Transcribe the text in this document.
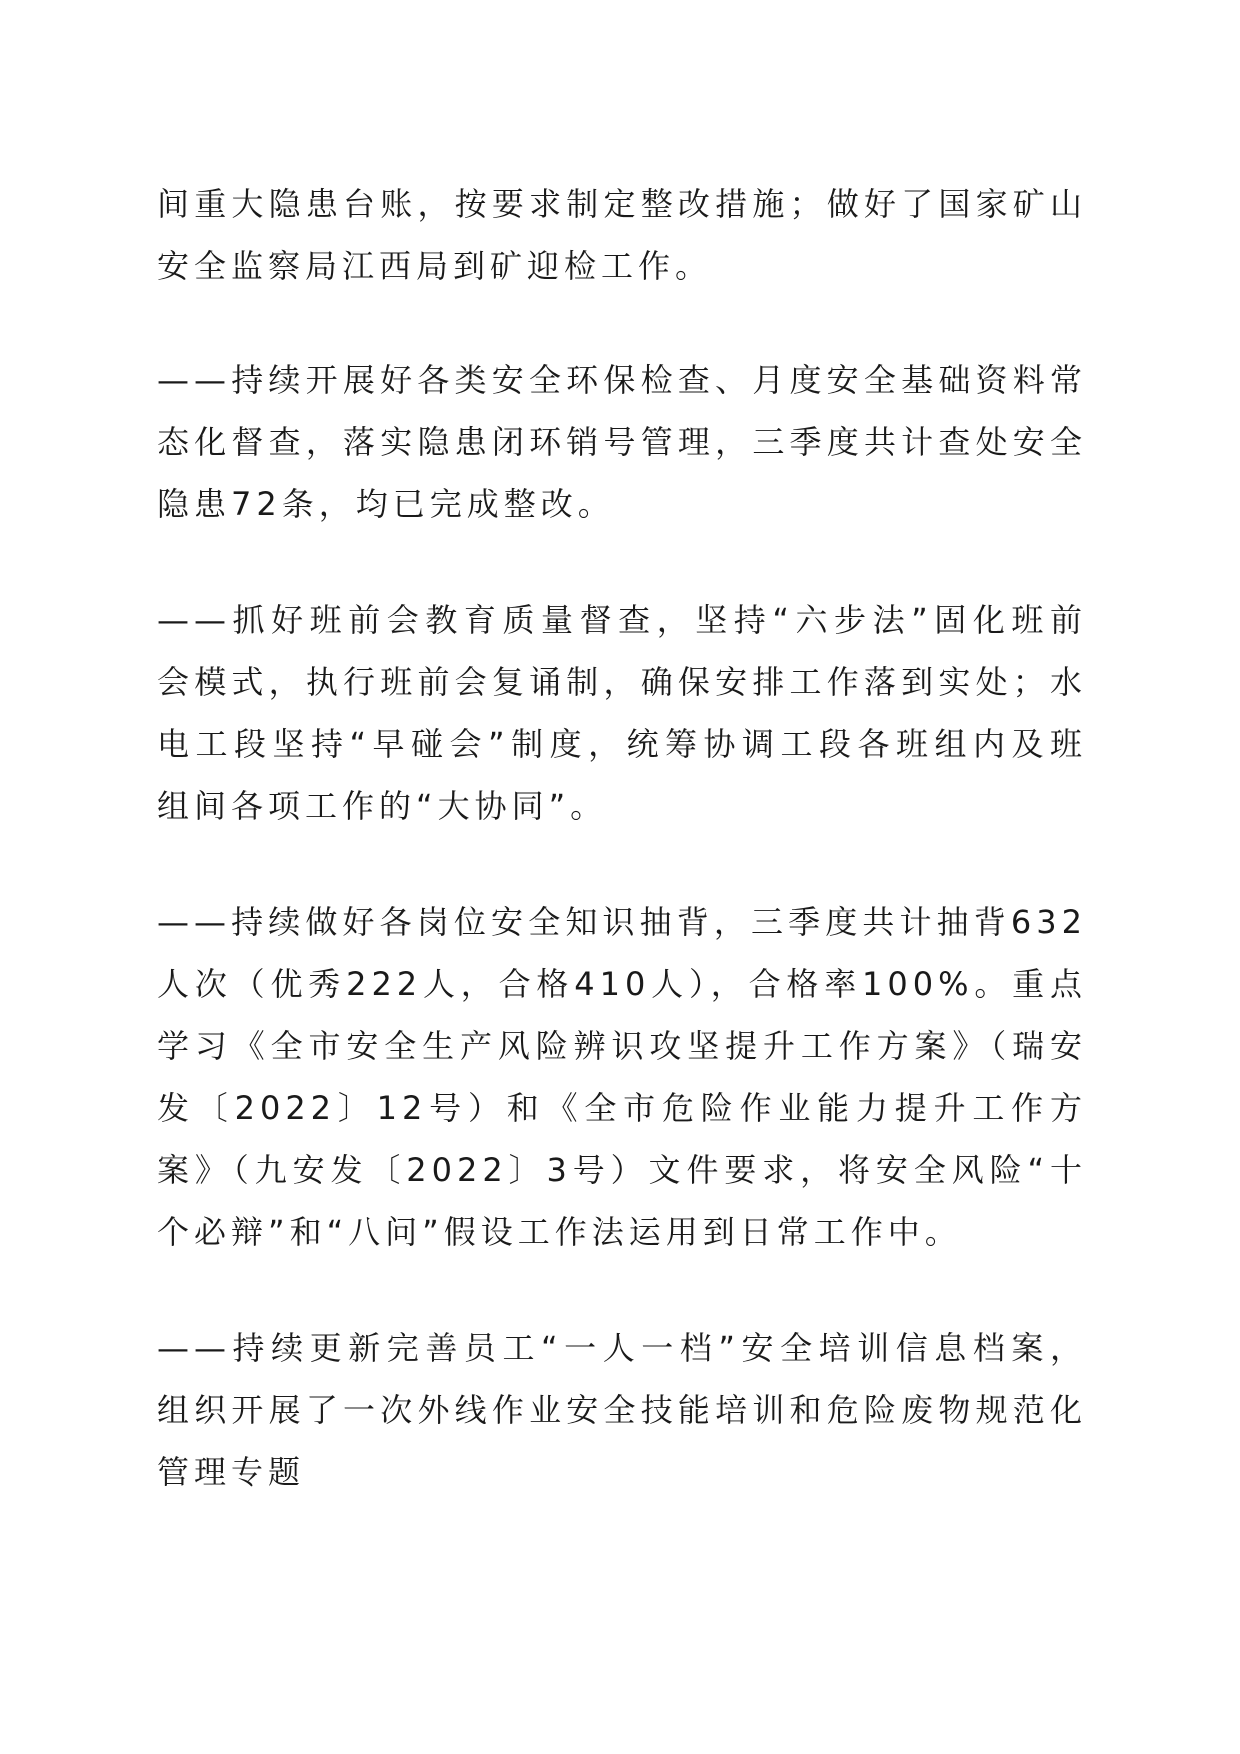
间重大隐患台账，按要求制定整改措施；做好了国家矿山安全监察局江西局到矿迎检工作。

——持续开展好各类安全环保检查、月度安全基础资料常态化督查，落实隐患闭环销号管理，三季度共计查处安全隐患72条，均已完成整改。

——抓好班前会教育质量督查，坚持“六步法”固化班前会模式，执行班前会复诵制，确保安排工作落到实处；水电工段坚持“早碰会”制度，统筹协调工段各班组内及班组间各项工作的“大协同”。

——持续做好各岗位安全知识抽背，三季度共计抽背632人次（优秀222人，合格410人），合格率100%。重点学习《全市安全生产风险辨识攻坚提升工作方案》（瑞安发〔2022〕12号）和《全市危险作业能力提升工作方案》（九安发〔2022〕3号）文件要求，将安全风险“十个必辩”和“八问”假设工作法运用到日常工作中。

——持续更新完善员工“一人一档”安全培训信息档案，组织开展了一次外线作业安全技能培训和危险废物规范化管理专题
